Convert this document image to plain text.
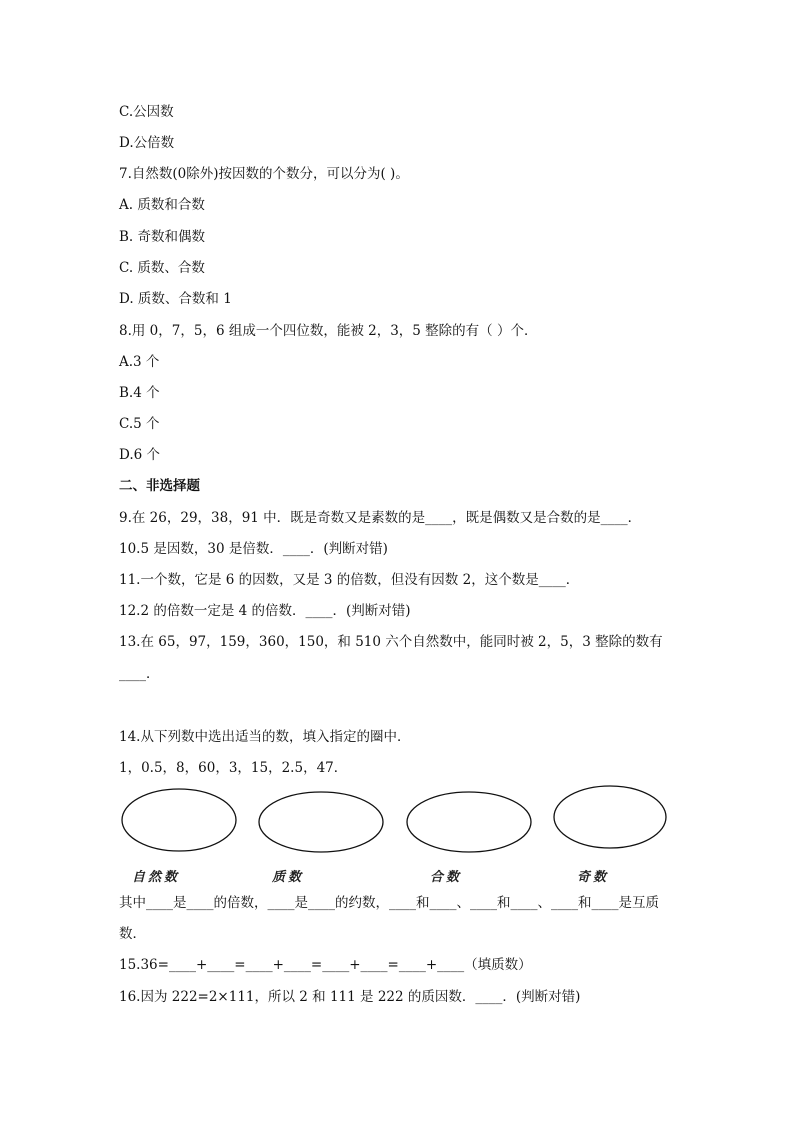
C.公因数
D.公倍数
7.自然数(0除外)按因数的个数分，可以分为( )。
A. 质数和合数
B. 奇数和偶数
C. 质数、合数
D. 质数、合数和 1
8.用 0，7，5，6 组成一个四位数，能被 2，3，5 整除的有（ ）个．
A.3 个
B.4 个
C.5 个
D.6 个
二、非选择题
9.在 26，29，38，91 中．既是奇数又是素数的是____，既是偶数又是合数的是____．
10.5 是因数，30 是倍数．____．(判断对错)
11.一个数，它是 6 的因数，又是 3 的倍数，但没有因数 2，这个数是____．
12.2 的倍数一定是 4 的倍数．____．(判断对错)
13.在 65，97，159，360，150，和 510 六个自然数中，能同时被 2，5，3 整除的数有
____．
14.从下列数中选出适当的数，填入指定的圈中．
1，0.5，8，60，3，15，2.5，47．
自然数	质数	合数	奇数
其中____是____的倍数，____是____的约数，____和____、____和____、____和____是互质
数．
15.36=____+____=____+____=____+____=____+____（填质数）
16.因为 222=2×111，所以 2 和 111 是 222 的质因数．____．(判断对错)
